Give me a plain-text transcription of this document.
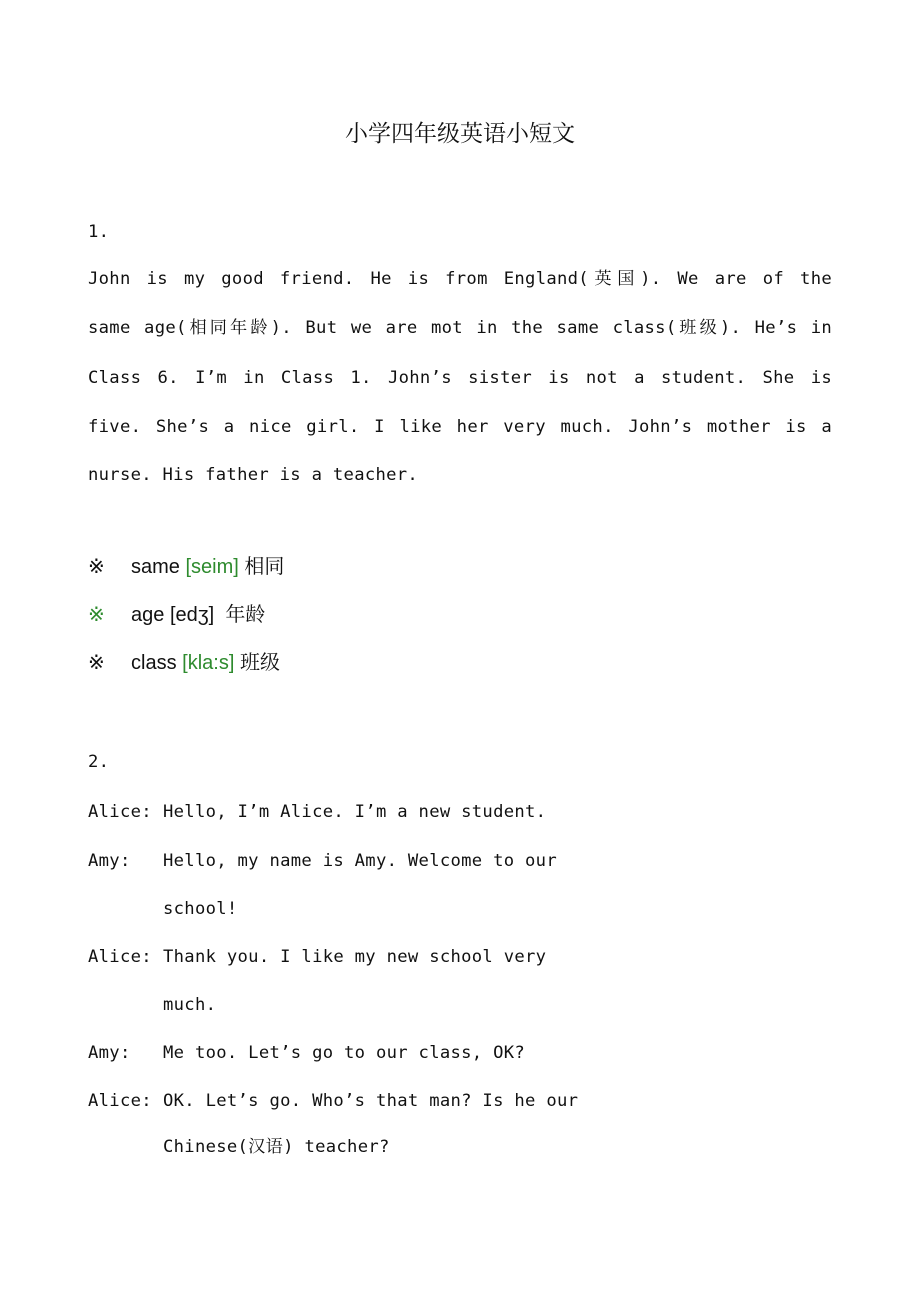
小学四年级英语小短文
1.
John is my good friend. He is from England(英国). We are of the
same age(相同年龄). But we are mot in the same class(班级). He’s in
Class 6. I’m in Class 1. John’s sister is not a student. She is
five. She’s a nice girl. I like her very much. John’s mother is a
nurse. His father is a teacher.
※ same [seim] 相同
※ age [edʒ] 年龄
※ class [kla:s] 班级
2.
Alice: Hello, I’m Alice. I’m a new student.
Amy: Hello, my name is Amy. Welcome to our
school!
Alice: Thank you. I like my new school very
much.
Amy: Me too. Let’s go to our class, OK?
Alice: OK. Let’s go. Who’s that man? Is he our
Chinese(汉语) teacher?
